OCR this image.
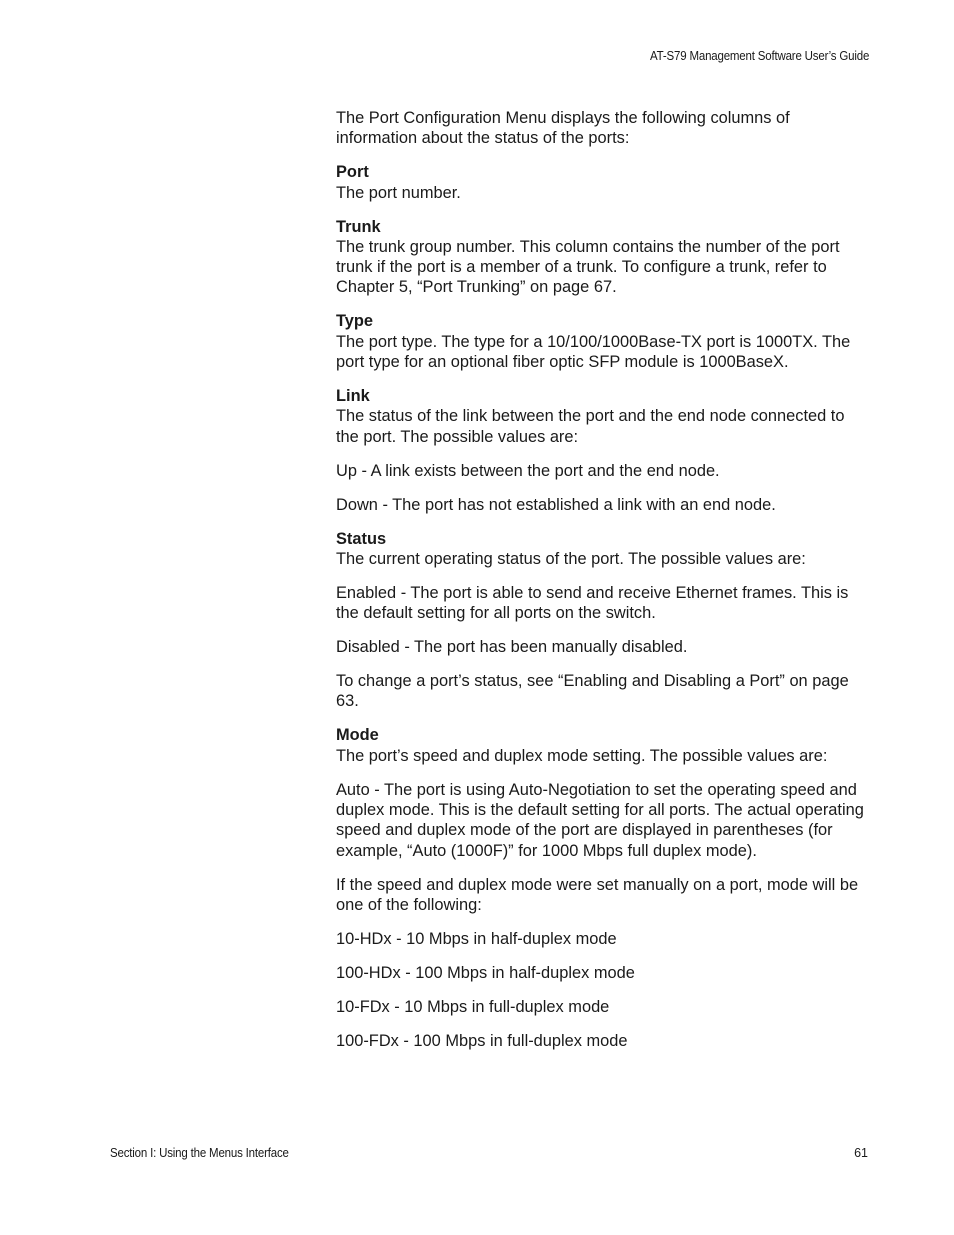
AT-S79 Management Software User’s Guide

The Port Configuration Menu displays the following columns of information about the status of the ports:

Port
The port number.
Trunk
The trunk group number. This column contains the number of the port trunk if the port is a member of a trunk. To configure a trunk, refer to Chapter 5, “Port Trunking” on page 67.
Type
The port type. The type for a 10/100/1000Base-TX port is 1000TX. The port type for an optional fiber optic SFP module is 1000BaseX.
Link
The status of the link between the port and the end node connected to the port. The possible values are:

Up - A link exists between the port and the end node.

Down - The port has not established a link with an end node.

Status
The current operating status of the port. The possible values are:

Enabled - The port is able to send and receive Ethernet frames. This is the default setting for all ports on the switch.

Disabled - The port has been manually disabled.

To change a port’s status, see “Enabling and Disabling a Port” on page 63.

Mode
The port’s speed and duplex mode setting. The possible values are:

Auto - The port is using Auto-Negotiation to set the operating speed and duplex mode. This is the default setting for all ports. The actual operating speed and duplex mode of the port are displayed in parentheses (for example, “Auto (1000F)” for 1000 Mbps full duplex mode).

If the speed and duplex mode were set manually on a port, mode will be one of the following:

10-HDx - 10 Mbps in half-duplex mode

100-HDx - 100 Mbps in half-duplex mode

10-FDx - 10 Mbps in full-duplex mode

100-FDx - 100 Mbps in full-duplex mode

Section I: Using the Menus Interface	61
